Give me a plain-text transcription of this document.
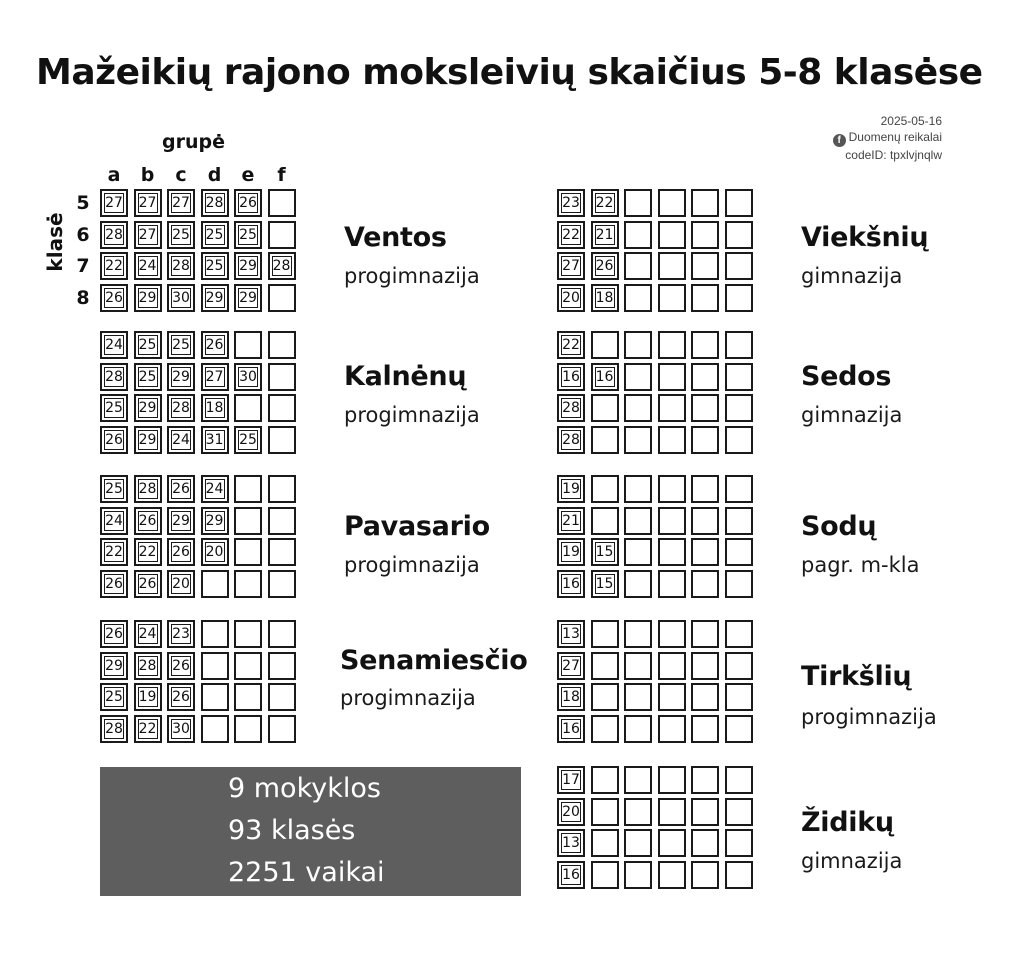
Mažeikių rajono moksleivių skaičius 5-8 klasėse
2025-05-16
f Duomenų reikalai
codeID: tpxlvjnqlw
grupė
a	b	c	d	e	f
klasė
5
6
7
8
27 27 27 28 26
28 27 25 25 25
22 24 28 25 29 28
26 29 30 29 29
Ventos
progimnazija
24 25 25 26
28 25 29 27 30
25 29 28 18
26 29 24 31 25
Kalnėnų
progimnazija
25 28 26 24
24 26 29 29
22 22 26 20
26 26 20
Pavasario
progimnazija
26 24 23
29 28 26
25 19 26
28 22 30
Senamiesčio
progimnazija
23 22
22 21
27 26
20 18
Viekšnių
gimnazija
22
16 16
28
28
Sedos
gimnazija
19
21
19 15
16 15
Sodų
pagr. m-kla
13
27
18
16
Tirkšlių
progimnazija
17
20
13
16
Židikų
gimnazija
9 mokyklos
93 klasės
2251 vaikai
